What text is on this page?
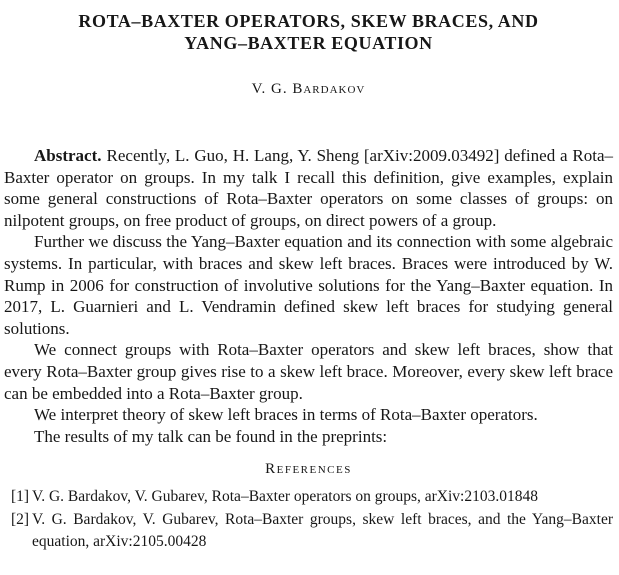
ROTA–BAXTER OPERATORS, SKEW BRACES, AND
YANG–BAXTER EQUATION
V. G. Bardakov

Abstract. Recently, L. Guo, H. Lang, Y. Sheng [arXiv:2009.03492] defined a Rota–Baxter operator on groups. In my talk I recall this definition, give examples, explain some general constructions of Rota–Baxter operators on some classes of groups: on nilpotent groups, on free product of groups, on direct powers of a group.

Further we discuss the Yang–Baxter equation and its connection with some algebraic systems. In particular, with braces and skew left braces. Braces were introduced by W. Rump in 2006 for construction of involutive solutions for the Yang–Baxter equation. In 2017, L. Guarnieri and L. Vendramin defined skew left braces for studying general solutions.

We connect groups with Rota–Baxter operators and skew left braces, show that every Rota–Baxter group gives rise to a skew left brace. Moreover, every skew left brace can be embedded into a Rota–Baxter group.

We interpret theory of skew left braces in terms of Rota–Baxter operators.

The results of my talk can be found in the preprints:

References
[1] V. G. Bardakov, V. Gubarev, Rota–Baxter operators on groups, arXiv:2103.01848
[2] V. G. Bardakov, V. Gubarev, Rota–Baxter groups, skew left braces, and the Yang–Baxter equation, arXiv:2105.00428
